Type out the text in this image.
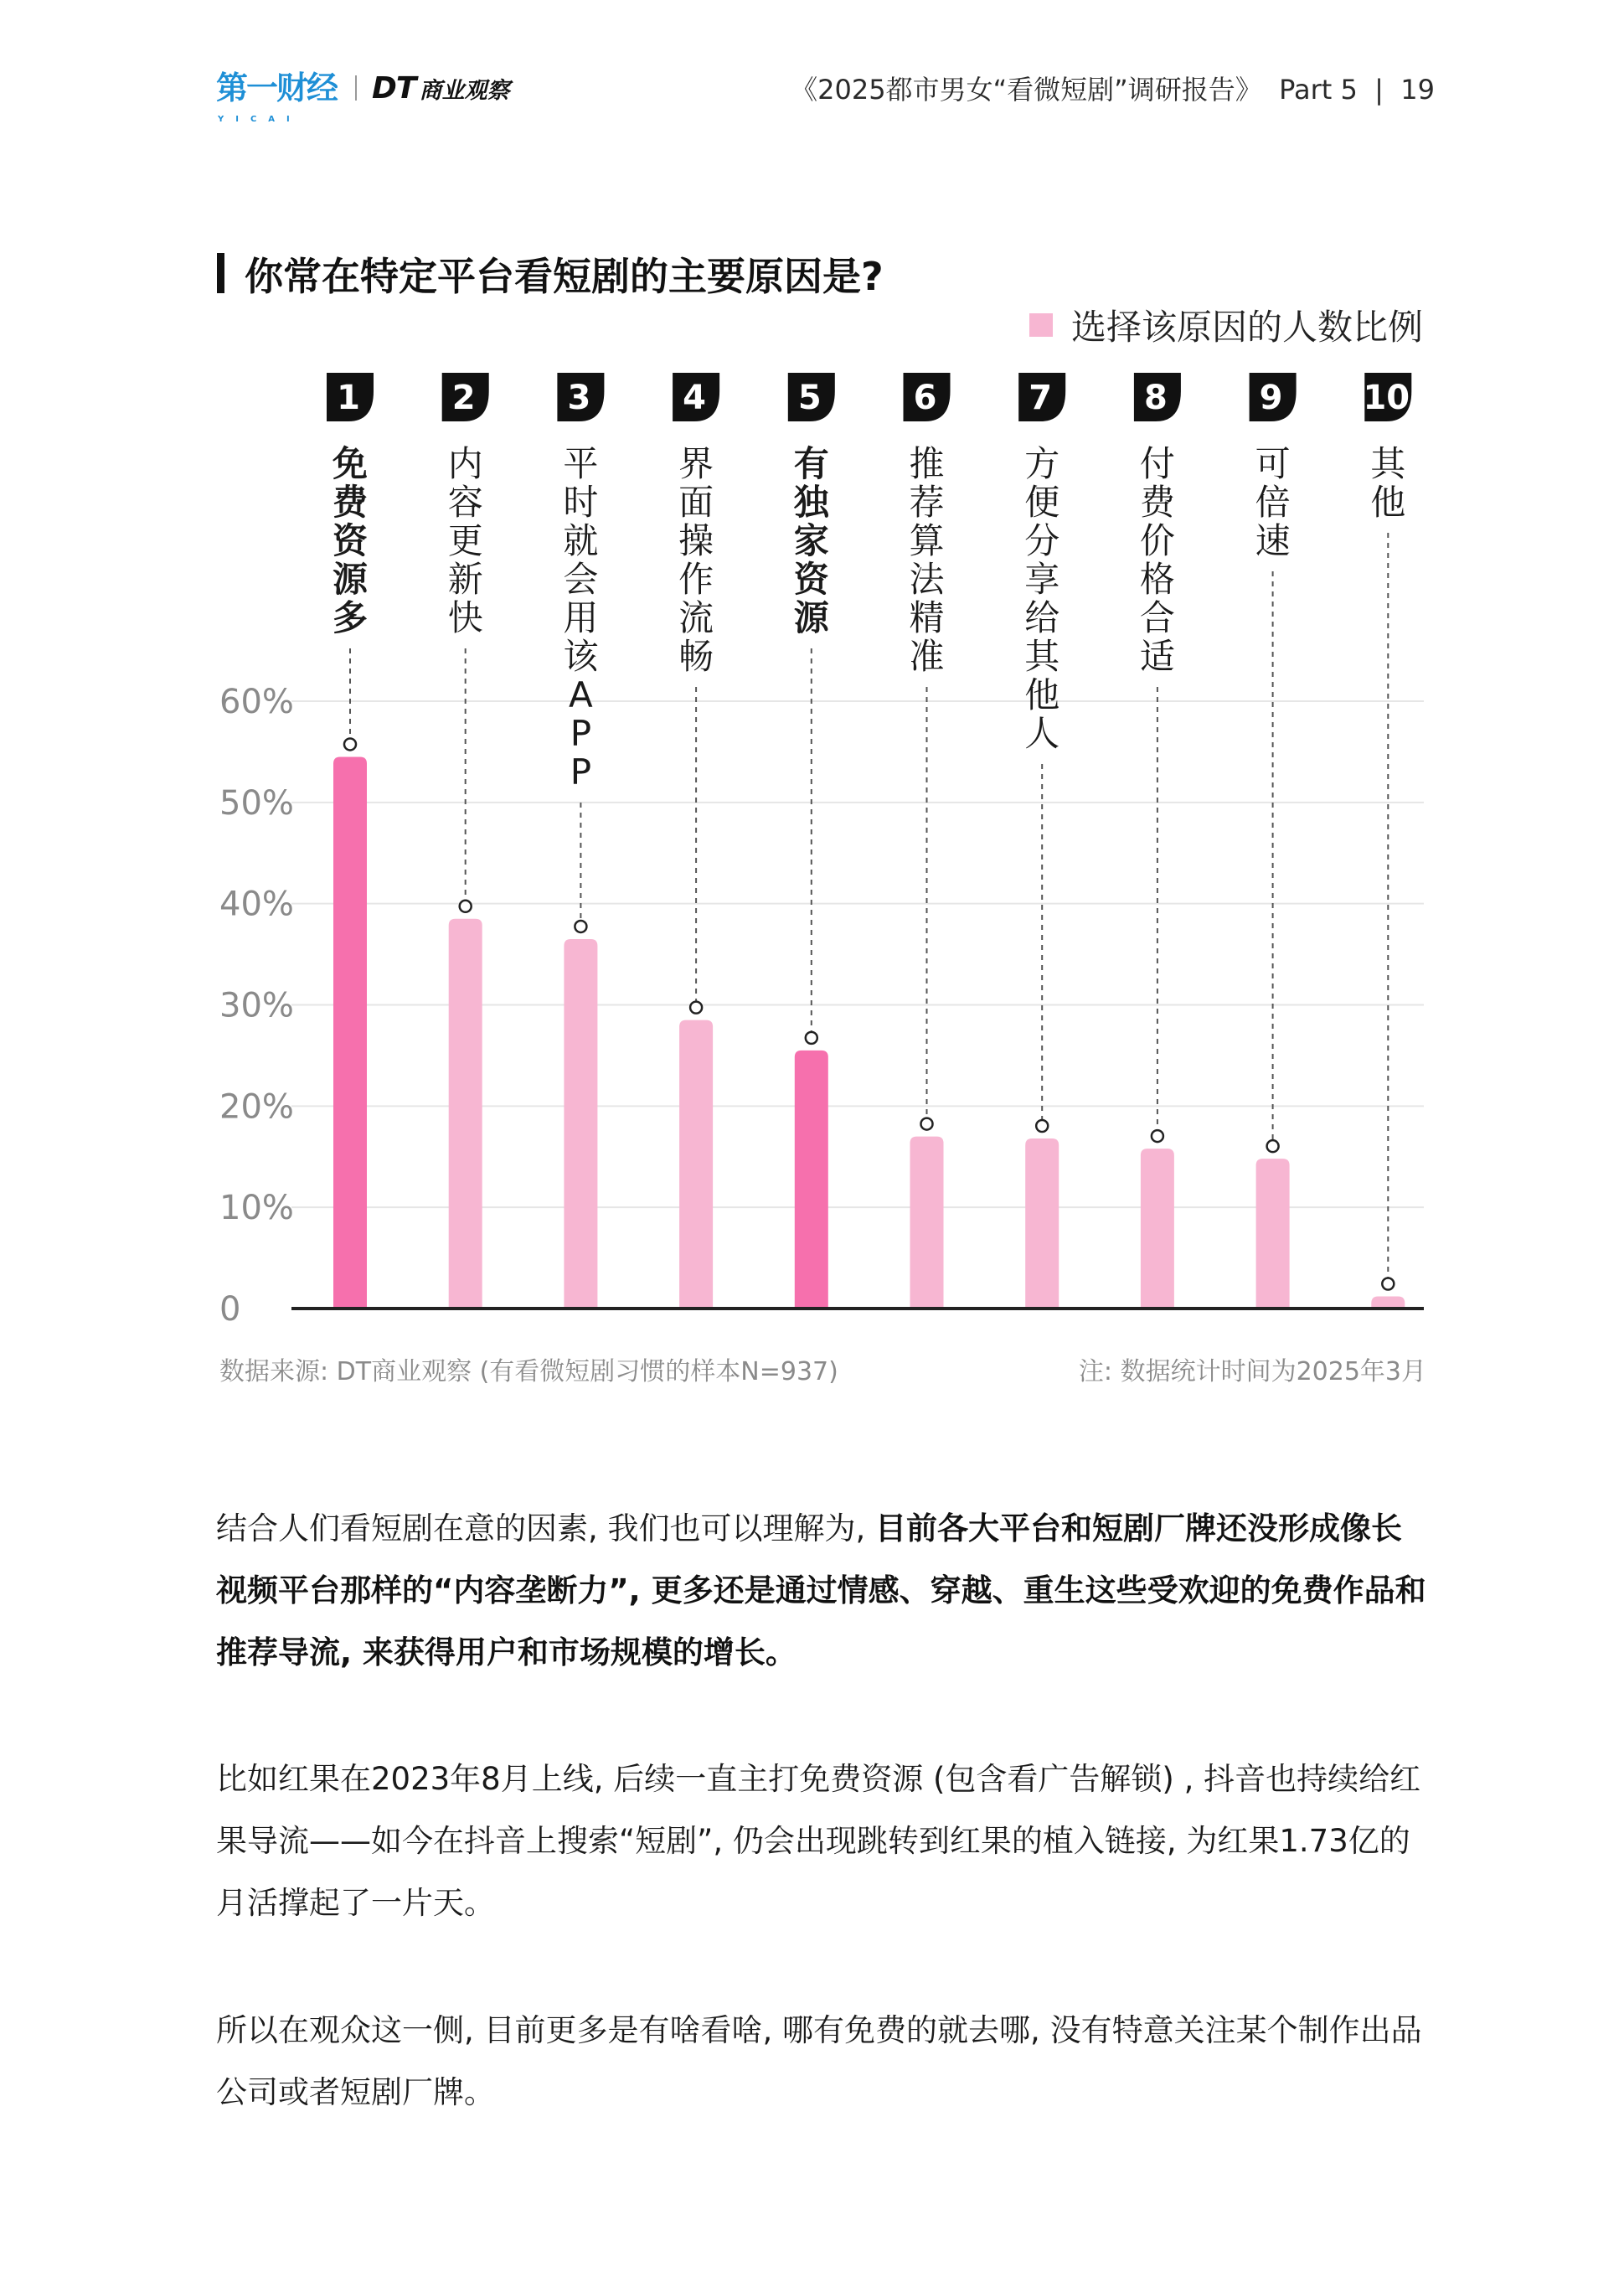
第一财经
YICAI
DT 商业观察	《2025都市男女“看微短剧”调研报告》  Part 5  |  19
你常在特定平台看短剧的主要原因是?
选择该原因的人数比例
0
10%
20%
30%
40%
50%
60%
1
免费资源多
2
内容更新快
3
平时就会用该 A P P
4
界面操作流畅
5
有独家资源
6
推荐算法精准
7
方便分享给其他人
8
付费价格合适
9
可倍速
10
其他
数据来源: DT商业观察 (有看微短剧习惯的样本N=937)	注: 数据统计时间为2025年3月
结合人们看短剧在意的因素, 我们也可以理解为, 目前各大平台和短剧厂牌还没形成像长视频平台那样的“内容垄断力”, 更多还是通过情感、穿越、重生这些受欢迎的免费作品和推荐导流, 来获得用户和市场规模的增长。
比如红果在2023年8月上线, 后续一直主打免费资源 (包含看广告解锁) , 抖音也持续给红果导流——如今在抖音上搜索“短剧”, 仍会出现跳转到红果的植入链接, 为红果1.73亿的月活撑起了一片天。
所以在观众这一侧, 目前更多是有啥看啥, 哪有免费的就去哪, 没有特意关注某个制作出品公司或者短剧厂牌。
